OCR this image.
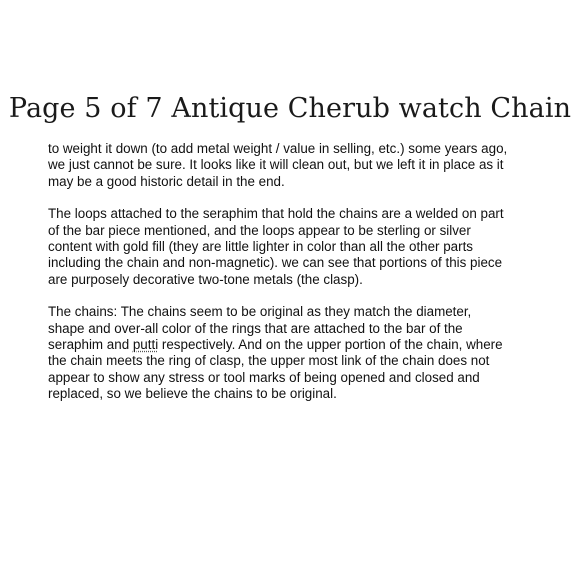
Page 5 of 7 Antique Cherub watch Chain

to weight it down (to add metal weight / value in selling, etc.) some years ago,
we just cannot be sure. It looks like it will clean out, but we left it in place as it
may be a good historic detail in the end.

The loops attached to the seraphim that hold the chains are a welded on part
of the bar piece mentioned, and the loops appear to be sterling or silver
content with gold fill (they are little lighter in color than all the other parts
including the chain and non-magnetic). we can see that portions of this piece
are purposely decorative two-tone metals (the clasp).

The chains: The chains seem to be original as they match the diameter,
shape and over-all color of the rings that are attached to the bar of the
seraphim and putti respectively. And on the upper portion of the chain, where
the chain meets the ring of clasp, the upper most link of the chain does not
appear to show any stress or tool marks of being opened and closed and
replaced, so we believe the chains to be original.
